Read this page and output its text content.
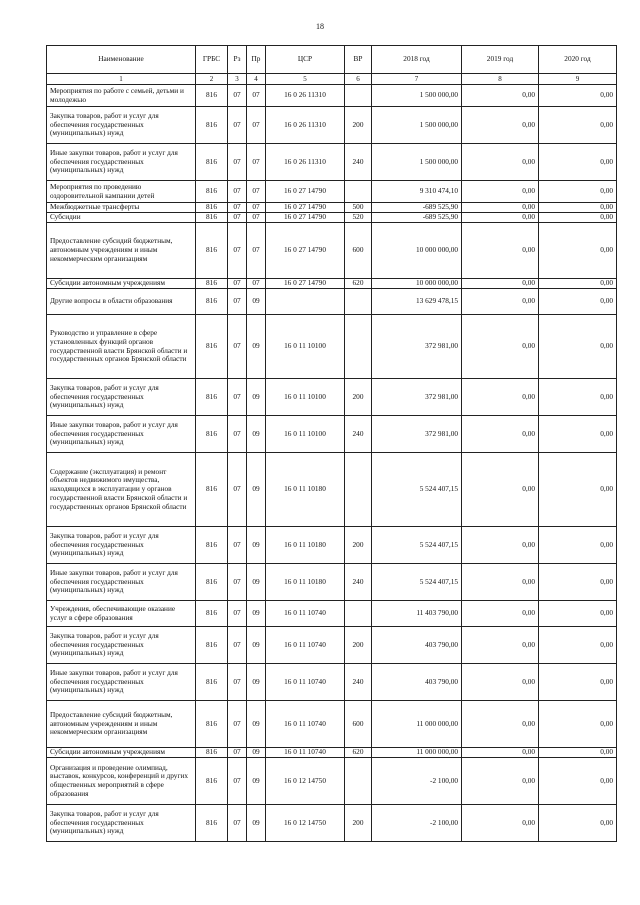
18
Наименование	ГРБС	Рз	Пр	ЦСР	ВР	2018 год	2019 год	2020 год
1	2	3	4	5	6	7	8	9
Мероприятия по работе с семьей, детьми и молодежью	816	07	07	16 0 26 11310		1 500 000,00	0,00	0,00
Закупка товаров, работ и услуг для обеспечения государственных (муниципальных) нужд	816	07	07	16 0 26 11310	200	1 500 000,00	0,00	0,00
Иные закупки товаров, работ и услуг для обеспечения государственных (муниципальных) нужд	816	07	07	16 0 26 11310	240	1 500 000,00	0,00	0,00
Мероприятия по проведению оздоровительной кампании детей	816	07	07	16 0 27 14790		9 310 474,10	0,00	0,00
Межбюджетные трансферты	816	07	07	16 0 27 14790	500	-689 525,90	0,00	0,00
Субсидии	816	07	07	16 0 27 14790	520	-689 525,90	0,00	0,00
Предоставление субсидий бюджетным, автономным учреждениям и иным некоммерческим организациям	816	07	07	16 0 27 14790	600	10 000 000,00	0,00	0,00
Субсидии автономным учреждениям	816	07	07	16 0 27 14790	620	10 000 000,00	0,00	0,00
Другие вопросы в области образования	816	07	09			13 629 478,15	0,00	0,00
Руководство и управление в сфере установленных функций органов государственной власти Брянской области и государственных органов Брянской области	816	07	09	16 0 11 10100		372 981,00	0,00	0,00
Закупка товаров, работ и услуг для обеспечения государственных (муниципальных) нужд	816	07	09	16 0 11 10100	200	372 981,00	0,00	0,00
Иные закупки товаров, работ и услуг для обеспечения государственных (муниципальных) нужд	816	07	09	16 0 11 10100	240	372 981,00	0,00	0,00
Содержание (эксплуатация) и ремонт объектов недвижимого имущества, находящихся в эксплуатации у органов государственной власти Брянской области и государственных органов Брянской области	816	07	09	16 0 11 10180		5 524 407,15	0,00	0,00
Закупка товаров, работ и услуг для обеспечения государственных (муниципальных) нужд	816	07	09	16 0 11 10180	200	5 524 407,15	0,00	0,00
Иные закупки товаров, работ и услуг для обеспечения государственных (муниципальных) нужд	816	07	09	16 0 11 10180	240	5 524 407,15	0,00	0,00
Учреждения, обеспечивающие оказание услуг в сфере образования	816	07	09	16 0 11 10740		11 403 790,00	0,00	0,00
Закупка товаров, работ и услуг для обеспечения государственных (муниципальных) нужд	816	07	09	16 0 11 10740	200	403 790,00	0,00	0,00
Иные закупки товаров, работ и услуг для обеспечения государственных (муниципальных) нужд	816	07	09	16 0 11 10740	240	403 790,00	0,00	0,00
Предоставление субсидий бюджетным, автономным учреждениям и иным некоммерческим организациям	816	07	09	16 0 11 10740	600	11 000 000,00	0,00	0,00
Субсидии автономным учреждениям	816	07	09	16 0 11 10740	620	11 000 000,00	0,00	0,00
Организация и проведение олимпиад, выставок, конкурсов, конференций и других общественных мероприятий в сфере образования	816	07	09	16 0 12 14750		-2 100,00	0,00	0,00
Закупка товаров, работ и услуг для обеспечения государственных (муниципальных) нужд	816	07	09	16 0 12 14750	200	-2 100,00	0,00	0,00
